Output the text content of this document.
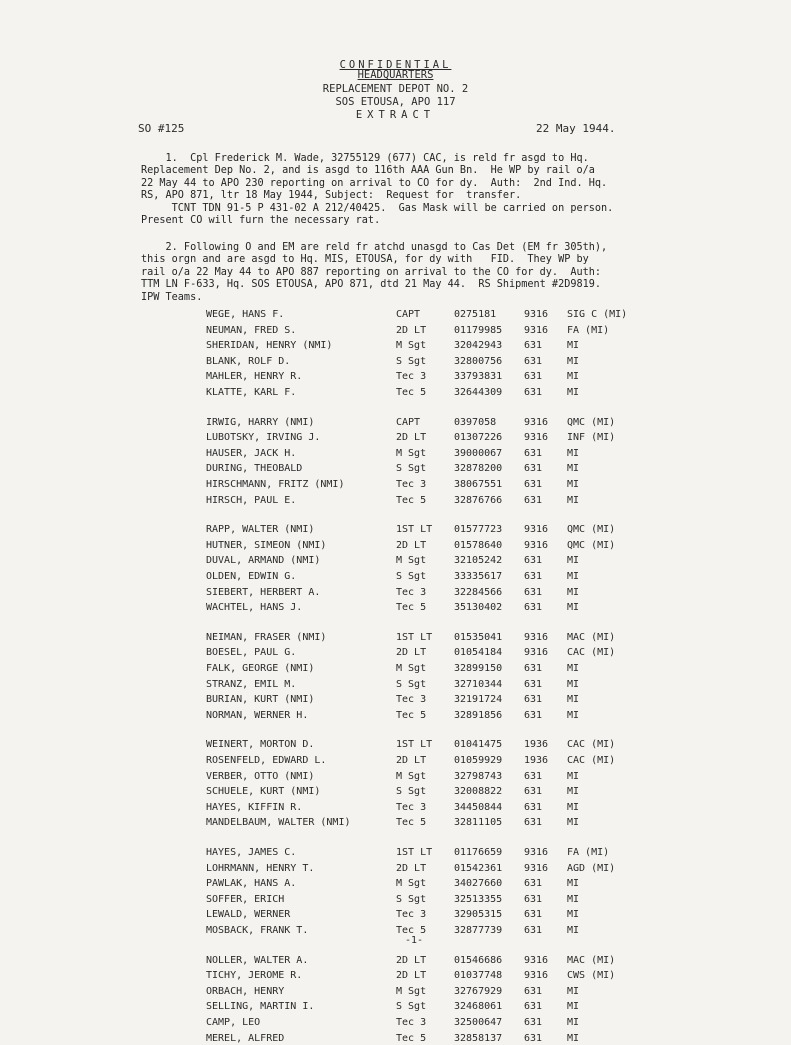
CONFIDENTIAL
HEADQUARTERS
REPLACEMENT DEPOT NO. 2
SOS ETOUSA, APO 117
EXTRACT
SO #125	22 May 1944.
1.  Cpl Frederick M. Wade, 32755129 (677) CAC, is reld fr asgd to Hq.
Replacement Dep No. 2, and is asgd to 116th AAA Gun Bn.  He WP by rail o/a
22 May 44 to APO 230 reporting on arrival to CO for dy.  Auth:  2nd Ind. Hq.
RS, APO 871, ltr 18 May 1944, Subject:  Request for  transfer.
TCNT TDN 91-5 P 431-02 A 212/40425.  Gas Mask will be carried on person.
Present CO will furn the necessary rat.
2. Following O and EM are reld fr atchd unasgd to Cas Det (EM fr 305th),
this orgn and are asgd to Hq. MIS, ETOUSA, for dy with   FID.  They WP by
rail o/a 22 May 44 to APO 887 reporting on arrival to the CO for dy.  Auth:
TTM LN F-633, Hq. SOS ETOUSA, APO 871, dtd 21 May 44.  RS Shipment #2D9819.
IPW Teams.
WEGE, HANS F.	CAPT	0275181	9316 SIG C (MI)
NEUMAN, FRED S.	2D LT	01179985 9316 FA (MI)
SHERIDAN, HENRY (NMI)	M Sgt	32042943 631 MI
BLANK, ROLF D.	S Sgt	32800756 631 MI
MAHLER, HENRY R.	Tec 3	33793831 631 MI
KLATTE, KARL F.	Tec 5	32644309 631 MI
IRWIG, HARRY (NMI)	CAPT	0397058	9316 QMC (MI)
LUBOTSKY, IRVING J.	2D LT	01307226 9316 INF (MI)
HAUSER, JACK H.	M Sgt	39000067 631 MI
DURING, THEOBALD	S Sgt	32878200 631 MI
HIRSCHMANN, FRITZ (NMI)	Tec 3	38067551 631 MI
HIRSCH, PAUL E.	Tec 5	32876766 631 MI
RAPP, WALTER (NMI)	1ST LT 01577723 9316 QMC (MI)
HUTNER, SIMEON (NMI)	2D LT	01578640 9316 QMC (MI)
DUVAL, ARMAND (NMI)	M Sgt	32105242 631 MI
OLDEN, EDWIN G.	S Sgt	33335617 631 MI
SIEBERT, HERBERT A.	Tec 3	32284566 631 MI
WACHTEL, HANS J.	Tec 5	35130402 631 MI
NEIMAN, FRASER (NMI)	1ST LT 01535041 9316 MAC (MI)
BOESEL, PAUL G.	2D LT	01054184 9316 CAC (MI)
FALK, GEORGE (NMI)	M Sgt	32899150 631 MI
STRANZ, EMIL M.	S Sgt	32710344 631 MI
BURIAN, KURT (NMI)	Tec 3	32191724 631 MI
NORMAN, WERNER H.	Tec 5	32891856 631 MI
WEINERT, MORTON D.	1ST LT 01041475 1936 CAC (MI)
ROSENFELD, EDWARD L.	2D LT	01059929 1936 CAC (MI)
VERBER, OTTO (NMI)	M Sgt	32798743 631 MI
SCHUELE, KURT (NMI)	S Sgt	32008822 631 MI
HAYES, KIFFIN R.	Tec 3	34450844 631 MI
MANDELBAUM, WALTER (NMI)	Tec 5	32811105 631 MI
HAYES, JAMES C.	1ST LT 01176659 9316 FA (MI)
LOHRMANN, HENRY T.	2D LT	01542361 9316 AGD (MI)
PAWLAK, HANS A.	M Sgt	34027660 631 MI
SOFFER, ERICH	S Sgt	32513355 631 MI
LEWALD, WERNER	Tec 3	32905315 631 MI
MOSBACK, FRANK T.	Tec 5	32877739 631 MI
NOLLER, WALTER A.	2D LT	01546686 9316 MAC (MI)
TICHY, JEROME R.	2D LT	01037748 9316 CWS (MI)
ORBACH, HENRY	M Sgt	32767929 631 MI
SELLING, MARTIN I.	S Sgt	32468061 631 MI
CAMP, LEO	Tec 3	32500647 631 MI
MEREL, ALFRED	Tec 5	32858137 631 MI
-1-
